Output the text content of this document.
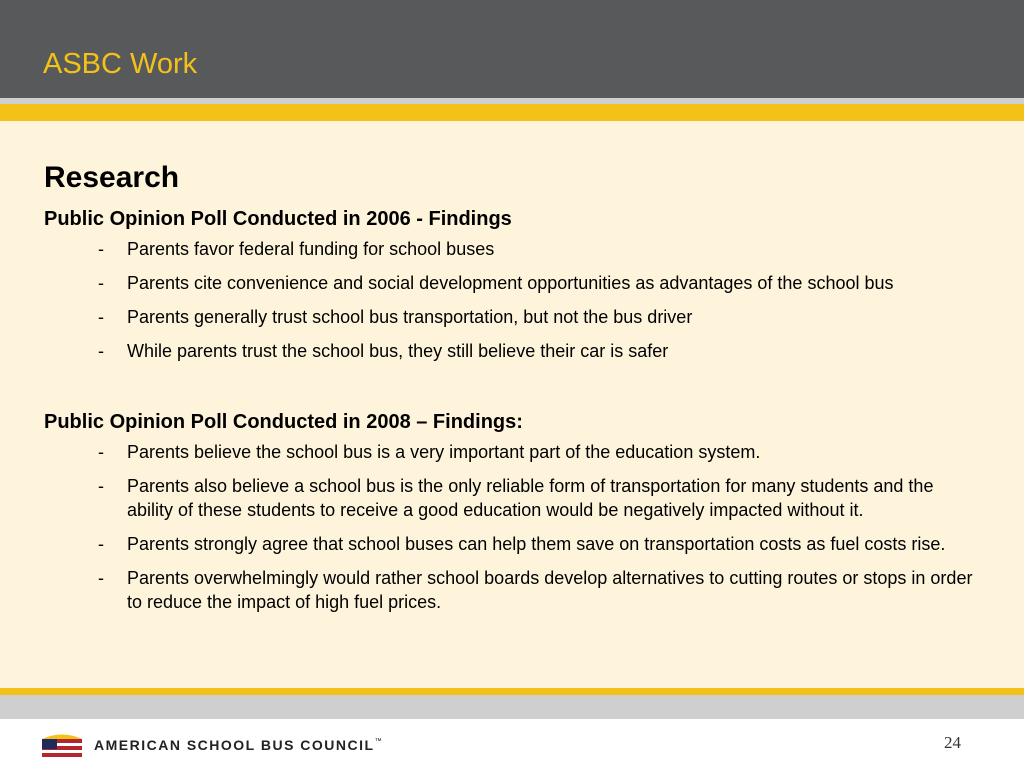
ASBC Work
Research
Public Opinion Poll Conducted in 2006 - Findings
- Parents favor federal funding for school buses
- Parents cite convenience and social development opportunities as advantages of the school bus
- Parents generally trust school bus transportation, but not the bus driver
- While parents trust the school bus, they still believe their car is safer
Public Opinion Poll Conducted in 2008 – Findings:
- Parents believe the school bus is a very important part of the education system.
- Parents also believe a school bus is the only reliable form of transportation for many students and the ability of these students to receive a good education would be negatively impacted without it.
- Parents strongly agree that school buses can help them save on transportation costs as fuel costs rise.
- Parents overwhelmingly would rather school boards develop alternatives to cutting routes or stops in order to reduce the impact of high fuel prices.
AMERICAN SCHOOL BUS COUNCIL™	24
